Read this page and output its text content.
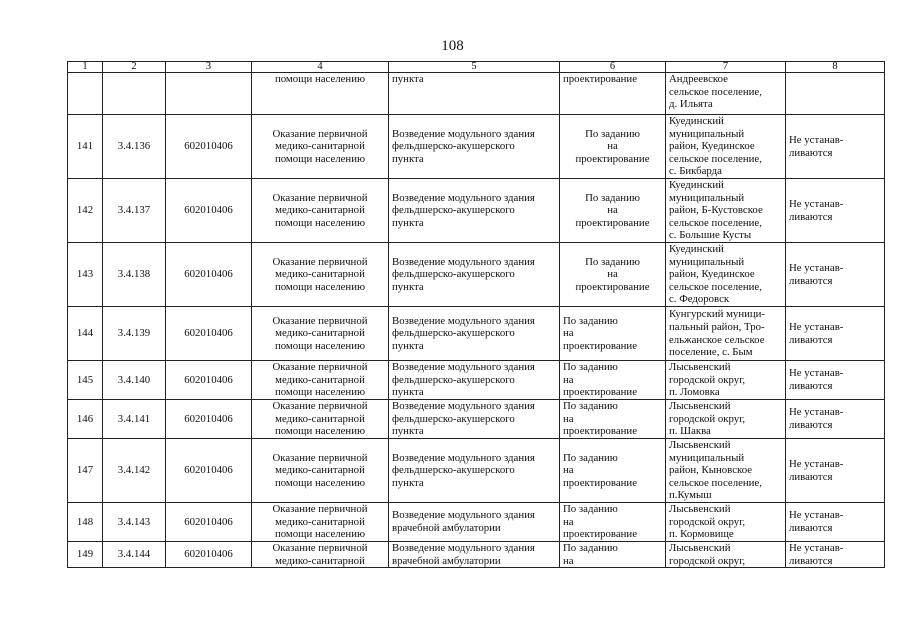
108
1	2	3	4	5	6	7	8

			помощи населению	пункта	проектирование	Андреевское
сельское поселение,
д. Ильята	

141	3.4.136	602010406	Оказание первичной
медико-санитарной
помощи населению	Возведение модульного здания
фельдшерско-акушерского
пункта	По заданию
на
проектирование	Куединский
муниципальный
район, Куединское
сельское поселение,
с. Бикбарда	Не устанав-
ливаются

142	3.4.137	602010406	Оказание первичной
медико-санитарной
помощи населению	Возведение модульного здания
фельдшерско-акушерского
пункта	По заданию
на
проектирование	Куединский
муниципальный
район, Б-Кустовское
сельское поселение,
с. Большие Кусты	Не устанав-
ливаются

143	3.4.138	602010406	Оказание первичной
медико-санитарной
помощи населению	Возведение модульного здания
фельдшерско-акушерского
пункта	По заданию
на
проектирование	Куединский
муниципальный
район, Куединское
сельское поселение,
с. Федоровск	Не устанав-
ливаются

144	3.4.139	602010406	Оказание первичной
медико-санитарной
помощи населению	Возведение модульного здания
фельдшерско-акушерского
пункта	По заданию
на
проектирование	Кунгурский муници-
пальный район, Тро-
ельжанское сельское
поселение, с. Бым	Не устанав-
ливаются

145	3.4.140	602010406	Оказание первичной
медико-санитарной
помощи населению	Возведение модульного здания
фельдшерско-акушерского
пункта	По заданию
на
проектирование	Лысьвенский
городской округ,
п. Ломовка	Не устанав-
ливаются

146	3.4.141	602010406	Оказание первичной
медико-санитарной
помощи населению	Возведение модульного здания
фельдшерско-акушерского
пункта	По заданию
на
проектирование	Лысьвенский
городской округ,
п. Шаква	Не устанав-
ливаются

147	3.4.142	602010406	Оказание первичной
медико-санитарной
помощи населению	Возведение модульного здания
фельдшерско-акушерского
пункта	По заданию
на
проектирование	Лысьвенский
муниципальный
район, Кыновское
сельское поселение,
п.Кумыш	Не устанав-
ливаются

148	3.4.143	602010406	Оказание первичной
медико-санитарной
помощи населению	Возведение модульного здания
врачебной амбулатории	По заданию
на
проектирование	Лысьвенский
городской округ,
п. Кормовище	Не устанав-
ливаются

149	3.4.144	602010406	Оказание первичной
медико-санитарной	Возведение модульного здания
врачебной амбулатории	По заданию
на	Лысьвенский
городской округ,	Не устанав-
ливаются
